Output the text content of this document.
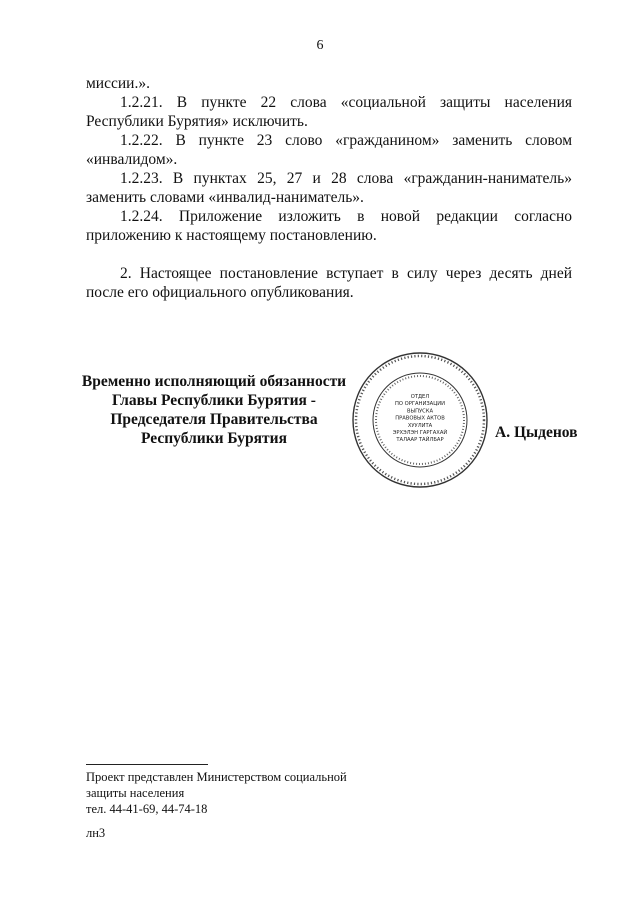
6

миссии.».

1.2.21. В пункте 22 слова «социальной защиты населения Республики Бурятия» исключить.

1.2.22. В пункте 23 слово «гражданином» заменить словом «инвалидом».

1.2.23. В пунктах 25, 27 и 28 слова «гражданин-наниматель» заменить словами «инвалид-наниматель».

1.2.24. Приложение изложить в новой редакции согласно приложению к настоящему постановлению.

2. Настоящее постановление вступает в силу через десять дней после его официального опубликования.

Временно исполняющий обязанности
Главы Республики Бурятия -
Председателя Правительства
Республики Бурятия
ОТДЕЛ
ПО ОРГАНИЗАЦИИ
ВЫПУСКА
ПРАВОВЫХ АКТОВ
ХУУЛИТА
ЭРХЭЛЭН ГАРГАХАЙ
ТАЛААР ТАЙЛБАР	А. Цыденов
Проект представлен Министерством социальной
защиты населения
тел. 44-41-69, 44-74-18
лн3
